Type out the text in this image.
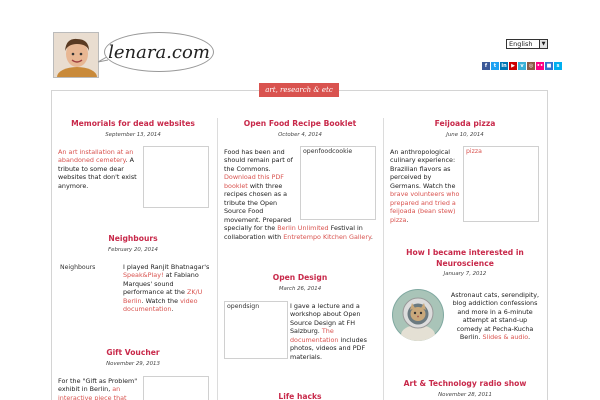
lenara.com	English	▼
f	t	in ▶	v	◎ •• ■	s
art, research & etc
Memorials for dead websites
September 13, 2014
An art installation at an abandoned cemetery. A tribute to some dear websites that don't exist anymore.
Neighbours
February 20, 2014
Neighbours	I played Ranjit Bhatnagar's Speak&Play! at Fabiano Marques' sound performance at the ZK/U Berlin. Watch the video documentation.
Gift Voucher
November 29, 2013
For the "Gift as Problem" exhibit in Berlin, an interactive piece that
Open Food Recipe Booklet
October 4, 2014
openfoodcookie
Food has been and should remain part of the Commons. Download this PDF booklet with three recipes chosen as a tribute the Open Source Food movement. Prepared specially for the Berlin Unlimited Festival in collaboration with Entretempo Kitchen Gallery.
Open Design
March 26, 2014
opendsign	I gave a lecture and a workshop about Open Source Design at FH Salzburg. The documentation includes photos, videos and PDF materials.
Life hacks
Feijoada pizza
June 10, 2014
An anthropological culinary experience: Brazilian flavors as perceived by Germans. Watch the brave volunteers who prepared and tried a feijoada (bean stew) pizza.
pizza
How I became interested in Neuroscience
January 7, 2012
Astronaut cats, serendipity, blog addiction confessions and more in a 6-minute attempt at stand-up comedy at Pecha-Kucha Berlin. Slides & audio.
Art & Technology radio show
November 28, 2011
